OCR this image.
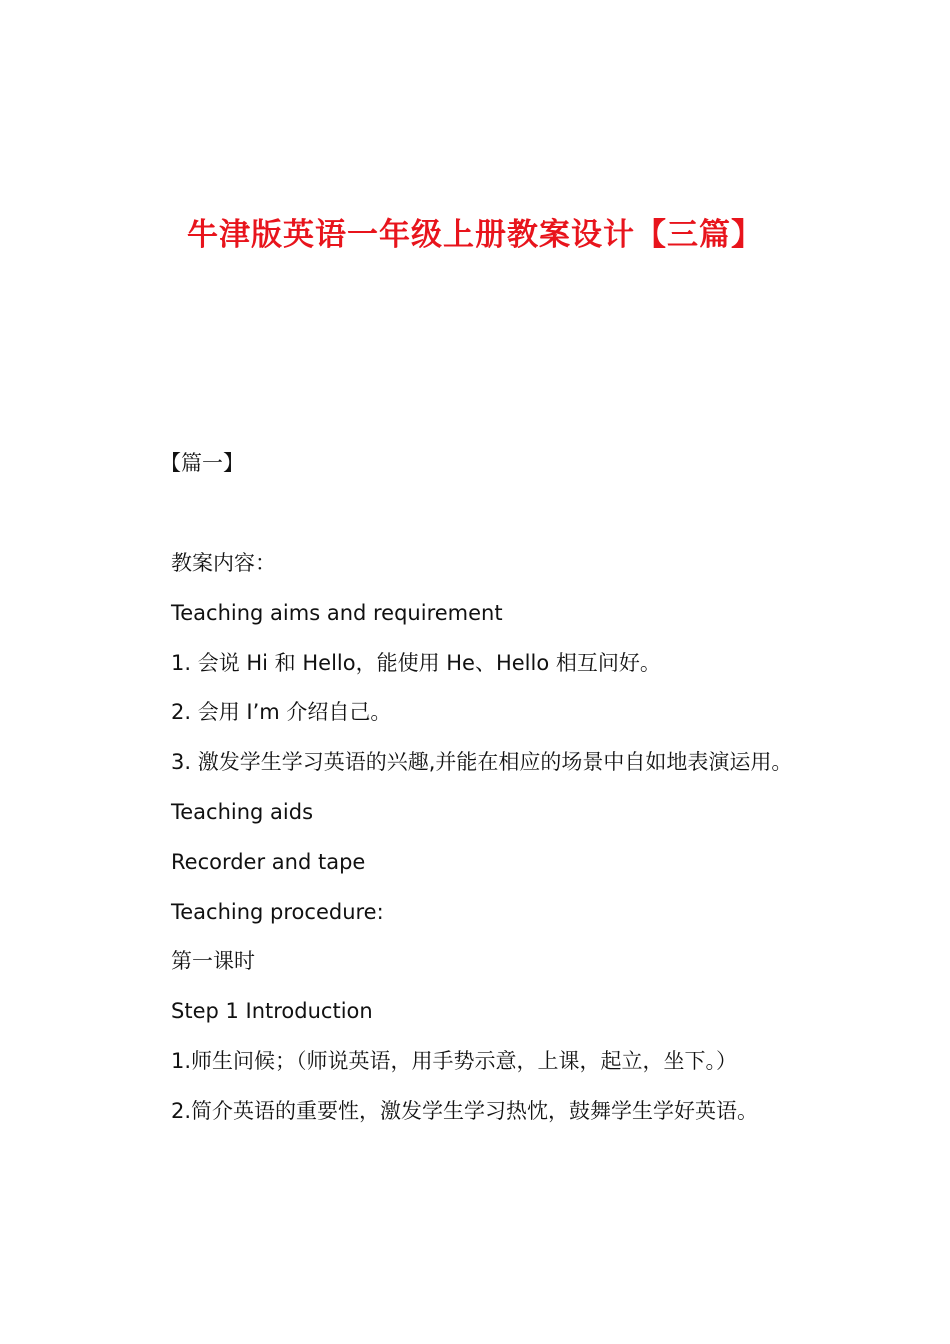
牛津版英语一年级上册教案设计【三篇】
【篇一】
教案内容：
Teaching aims and requirement
1. 会说 Hi 和 Hello，能使用 He、Hello 相互问好。
2. 会用 I’m 介绍自己。
3. 激发学生学习英语的兴趣,并能在相应的场景中自如地表演运用。
Teaching aids
Recorder and tape
Teaching procedure:
第一课时
Step 1 Introduction
1.师生问候；（师说英语，用手势示意，上课，起立，坐下。）
2.简介英语的重要性，激发学生学习热忱，鼓舞学生学好英语。
